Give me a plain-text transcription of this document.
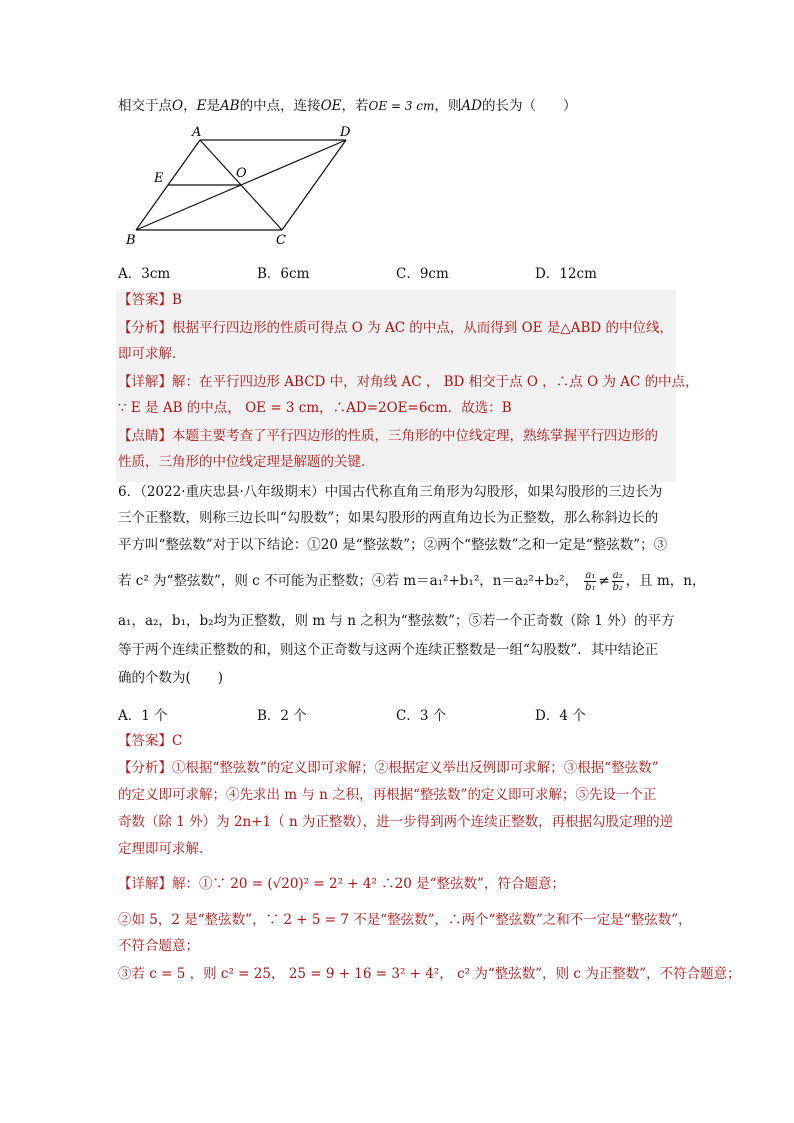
相交于点O，E是AB的中点，连接OE，若OE = 3 cm，则AD的长为（　　）
A	D
E	O
B	C
A．3cm	B．6cm	C．9cm	D．12cm
【答案】B
【分析】根据平行四边形的性质可得点 O 为 AC 的中点，从而得到 OE 是△ABD 的中位线，
即可求解．
【详解】解：在平行四边形 ABCD 中，对角线 AC ， BD 相交于点 O ，∴点 O 为 AC 的中点，
∵ E 是 AB 的中点， OE = 3 cm，∴AD=2OE=6cm．故选：B
【点睛】本题主要考查了平行四边形的性质，三角形的中位线定理，熟练掌握平行四边形的
性质，三角形的中位线定理是解题的关键．
6．（2022·重庆忠县·八年级期末）中国古代称直角三角形为勾股形，如果勾股形的三边长为
三个正整数，则称三边长叫“勾股数”；如果勾股形的两直角边长为正整数，那么称斜边长的
平方叫“整弦数”对于以下结论：①20 是“整弦数”；②两个“整弦数”之和一定是“整弦数”；③
若 c² 为“整弦数”，则 c 不可能为正整数；④若 m＝a₁²+b₁²，n＝a₂²+b₂²， $\frac{\text{a₁}}{\text{b₁}} \ne \frac{\text{a₂}}{\text{b₂}}$ ，且 m，n，
a₁，a₂，b₁，b₂均为正整数，则 m 与 n 之积为“整弦数”；⑤若一个正奇数（除 1 外）的平方
等于两个连续正整数的和，则这个正奇数与这两个连续正整数是一组“勾股数”．其中结论正
确的个数为(　　)
A．1 个	B．2 个	C．3 个	D．4 个
【答案】C
【分析】①根据“整弦数”的定义即可求解；②根据定义举出反例即可求解；③根据“整弦数”
的定义即可求解；④先求出 m 与 n 之积，再根据“整弦数”的定义即可求解；⑤先设一个正
奇数（除 1 外）为 2n+1（ n 为正整数），进一步得到两个连续正整数，再根据勾股定理的逆
定理即可求解．
【详解】解：①∵ 20 = (√20)² = 2² + 4² ∴20 是“整弦数”，符合题意；
②如 5，2 是“整弦数”，∵ 2 + 5 = 7 不是“整弦数”，∴两个“整弦数”之和不一定是“整弦数”，
不符合题意；
③若 c = 5 ，则 c² = 25， 25 = 9 + 16 = 3² + 4²， c² 为“整弦数”，则 c 为正整数”，不符合题意；
